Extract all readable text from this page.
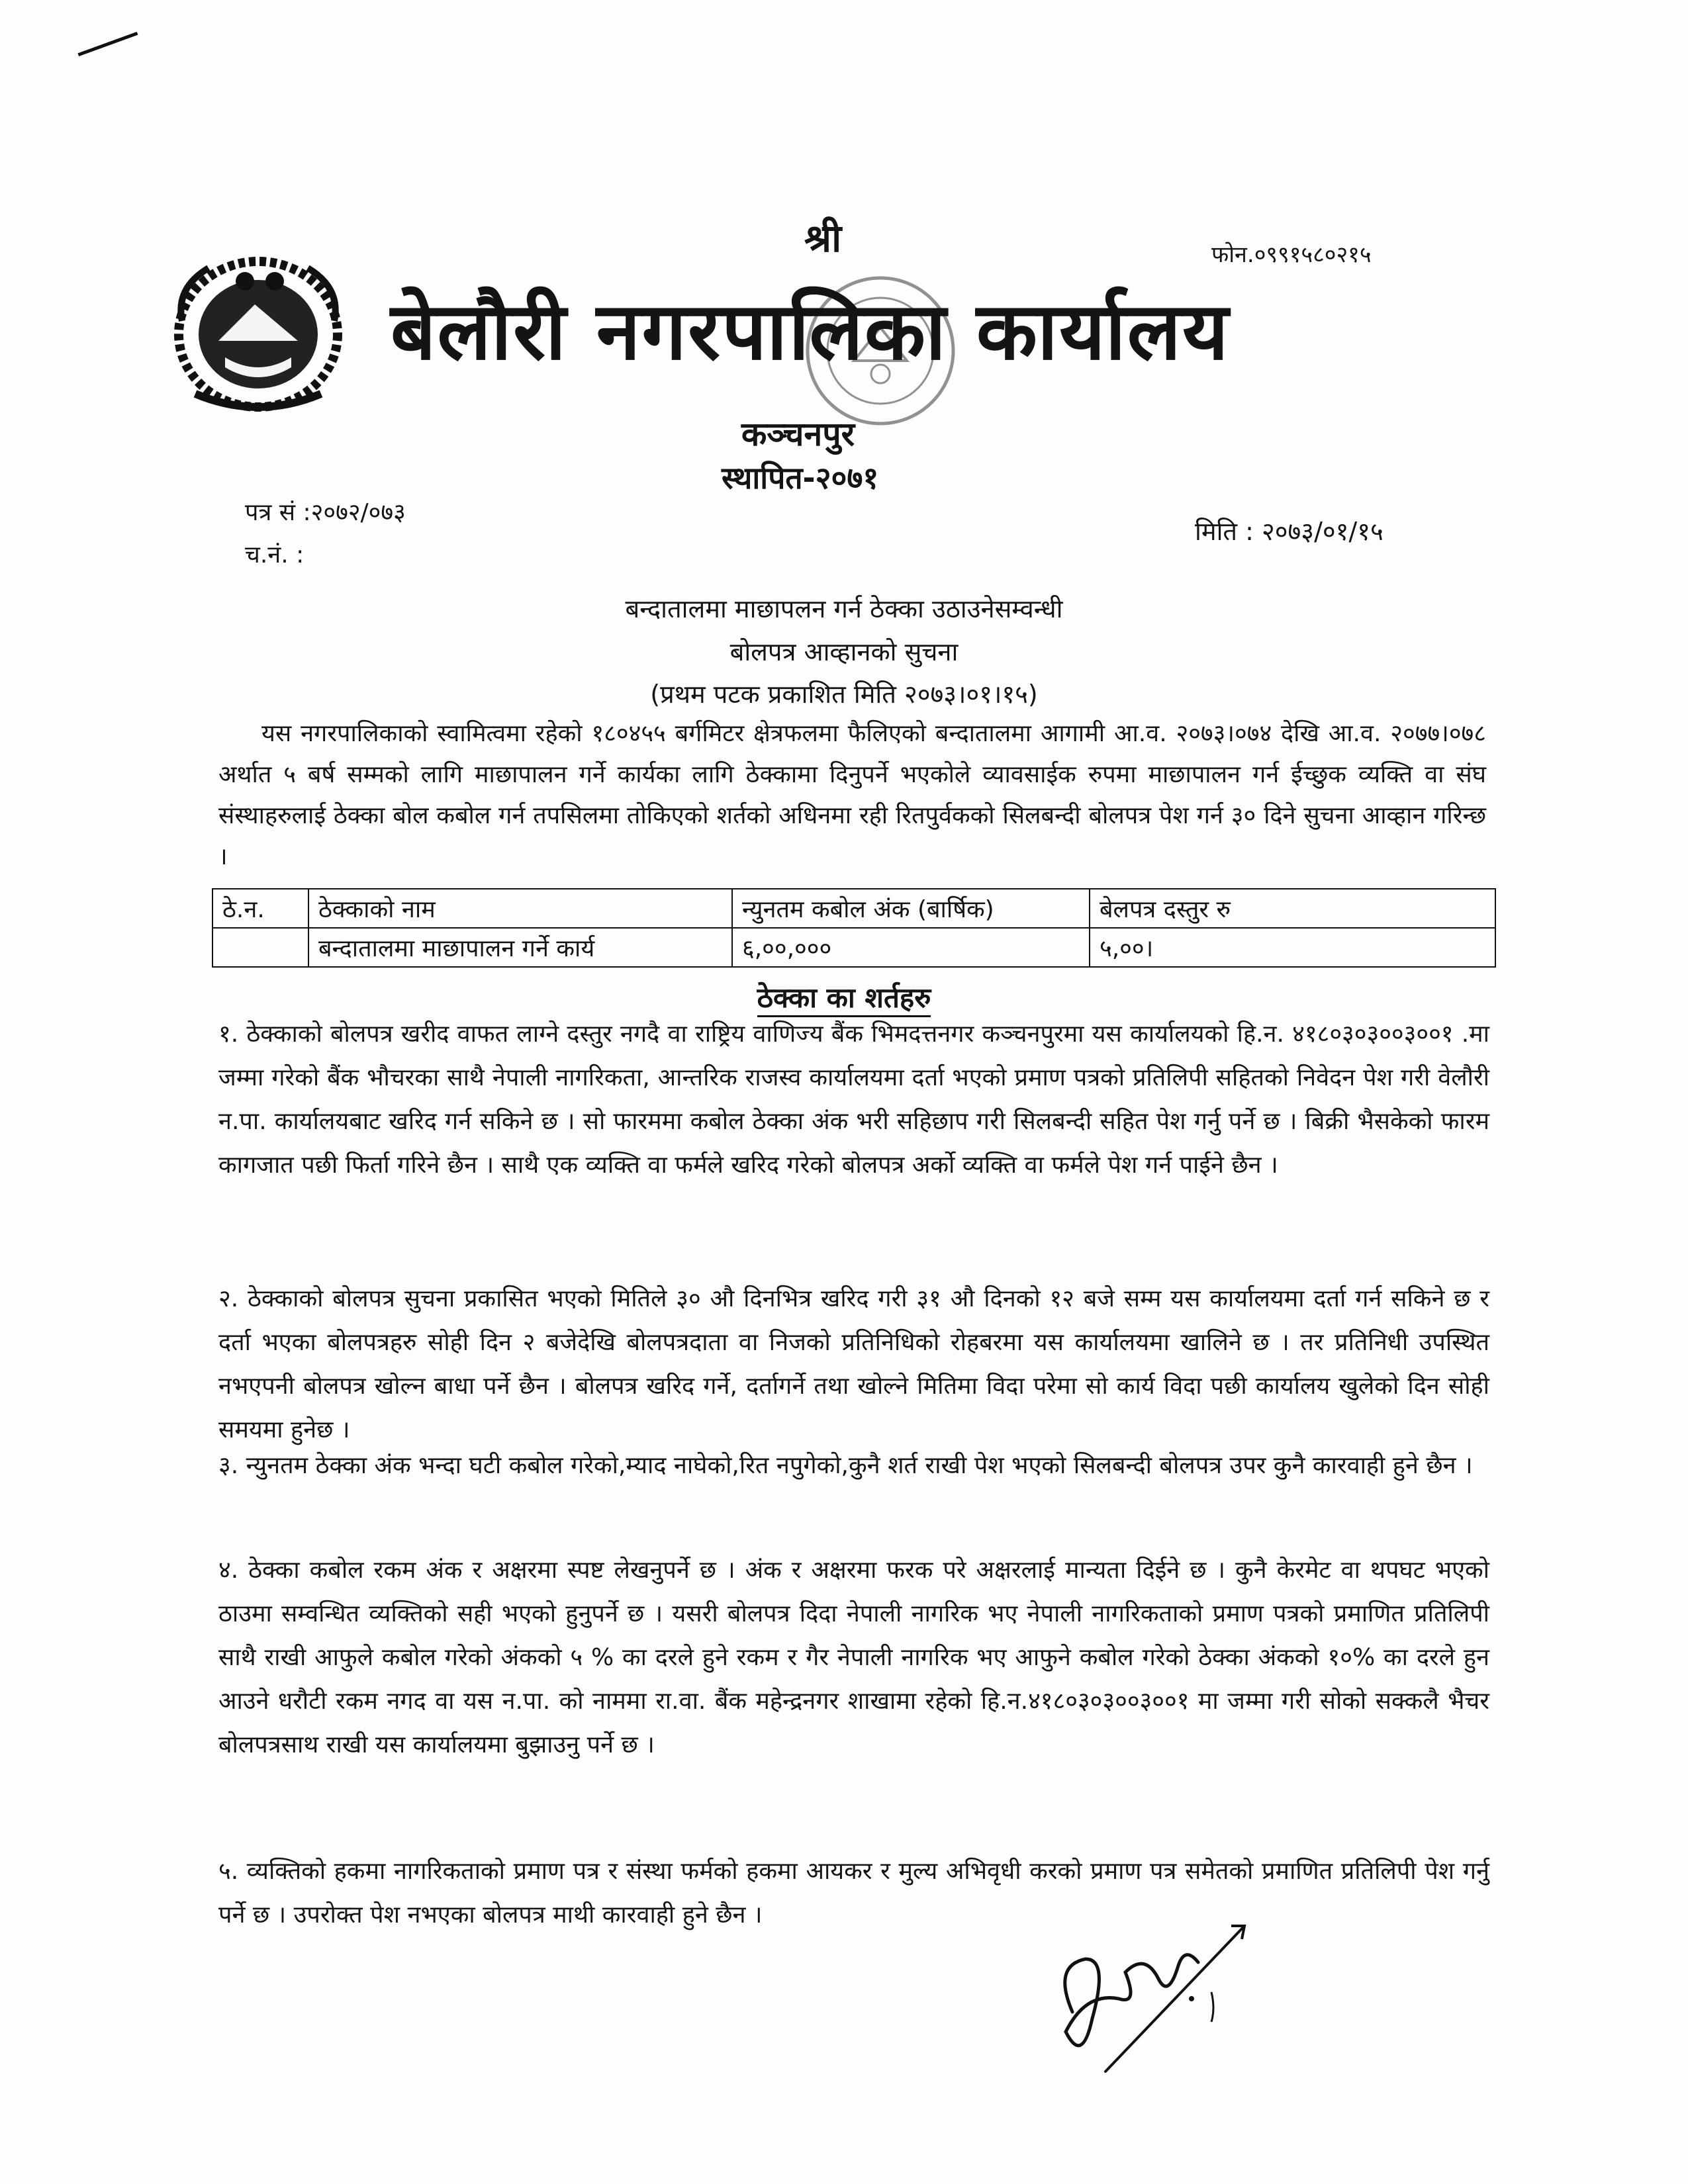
श्री	फोन.०९९१५८०२१५
बेलौरी नगरपालिका कार्यालय
कञ्चनपुर
स्थापित-२०७१
पत्र सं :२०७२/०७३
च.नं. :
मिति : २०७३/०१/१५
बन्दातालमा माछापलन गर्न ठेक्का उठाउनेसम्वन्धी
बोलपत्र आव्हानको सुचना
(प्रथम पटक प्रकाशित मिति २०७३।०१।१५)
यस नगरपालिकाको स्वामित्वमा रहेको १८०४५५ बर्गमिटर क्षेत्रफलमा फैलिएको बन्दातालमा आगामी आ.व. २०७३।०७४ देखि आ.व. २०७७।०७८ अर्थात ५ बर्ष सम्मको लागि माछापालन गर्ने कार्यका लागि ठेक्कामा दिनुपर्ने भएकोले व्यावसाईक रुपमा माछापालन गर्न ईच्छुक व्यक्ति वा संघ संस्थाहरुलाई ठेक्का बोल कबोल गर्न तपसिलमा तोकिएको शर्तको अधिनमा रही रितपुर्वकको सिलबन्दी बोलपत्र पेश गर्न ३० दिने सुचना आव्हान गरिन्छ ।
ठे.न.	ठेक्काको नाम	न्युनतम कबोल अंक (बार्षिक)	बेलपत्र दस्तुर रु
	बन्दातालमा माछापालन गर्ने कार्य	६,००,०००	५,००।
ठेक्का का शर्तहरु
१. ठेक्काको बोलपत्र खरीद वाफत लाग्ने दस्तुर नगदै वा राष्ट्रिय वाणिज्य बैंक भिमदत्तनगर कञ्चनपुरमा यस कार्यालयको हि.न. ४१८०३०३००३००१ .मा जम्मा गरेको बैंक भौचरका साथै नेपाली नागरिकता, आन्तरिक राजस्व कार्यालयमा दर्ता भएको प्रमाण पत्रको प्रतिलिपी सहितको निवेदन पेश गरी वेलौरी न.पा. कार्यालयबाट खरिद गर्न सकिने छ । सो फारममा कबोल ठेक्का अंक भरी सहिछाप गरी सिलबन्दी सहित पेश गर्नु पर्ने छ । बिक्री भैसकेको फारम कागजात पछी फिर्ता गरिने छैन । साथै एक व्यक्ति वा फर्मले खरिद गरेको बोलपत्र अर्को व्यक्ति वा फर्मले पेश गर्न पाईने छैन ।
२. ठेक्काको बोलपत्र सुचना प्रकासित भएको मितिले ३० औ दिनभित्र खरिद गरी ३१ औ दिनको १२ बजे सम्म यस कार्यालयमा दर्ता गर्न सकिने छ र दर्ता भएका बोलपत्रहरु सोही दिन २ बजेदेखि बोलपत्रदाता वा निजको प्रतिनिधिको रोहबरमा यस कार्यालयमा खालिने छ । तर प्रतिनिधी उपस्थित नभएपनी बोलपत्र खोल्न बाधा पर्ने छैन । बोलपत्र खरिद गर्ने, दर्तागर्ने तथा खोल्ने मितिमा विदा परेमा सो कार्य विदा पछी कार्यालय खुलेको दिन सोही समयमा हुनेछ ।
३. न्युनतम ठेक्का अंक भन्दा घटी कबोल गरेको,म्याद नाघेको,रित नपुगेको,कुनै शर्त राखी पेश भएको सिलबन्दी बोलपत्र उपर कुनै कारवाही हुने छैन ।
४. ठेक्का कबोल रकम अंक र अक्षरमा स्पष्ट लेखनुपर्ने छ । अंक र अक्षरमा फरक परे अक्षरलाई मान्यता दिईने छ । कुनै केरमेट वा थपघट भएको ठाउमा सम्वन्धित व्यक्तिको सही भएको हुनुपर्ने छ । यसरी बोलपत्र दिदा नेपाली नागरिक भए नेपाली नागरिकताको प्रमाण पत्रको प्रमाणित प्रतिलिपी साथै राखी आफुले कबोल गरेको अंकको ५ % का दरले हुने रकम र गैर नेपाली नागरिक भए आफुने कबोल गरेको ठेक्का अंकको १०% का दरले हुन आउने धरौटी रकम नगद वा यस न.पा. को नाममा रा.वा. बैंक महेन्द्रनगर शाखामा रहेको हि.न.४१८०३०३००३००१ मा जम्मा गरी सोको सक्कलै भैचर बोलपत्रसाथ राखी यस कार्यालयमा बुझाउनु पर्ने छ ।
५. व्यक्तिको हकमा नागरिकताको प्रमाण पत्र र संस्था फर्मको हकमा आयकर र मुल्य अभिवृधी करको प्रमाण पत्र समेतको प्रमाणित प्रतिलिपी पेश गर्नु पर्ने छ । उपरोक्त पेश नभएका बोलपत्र माथी कारवाही हुने छैन ।
